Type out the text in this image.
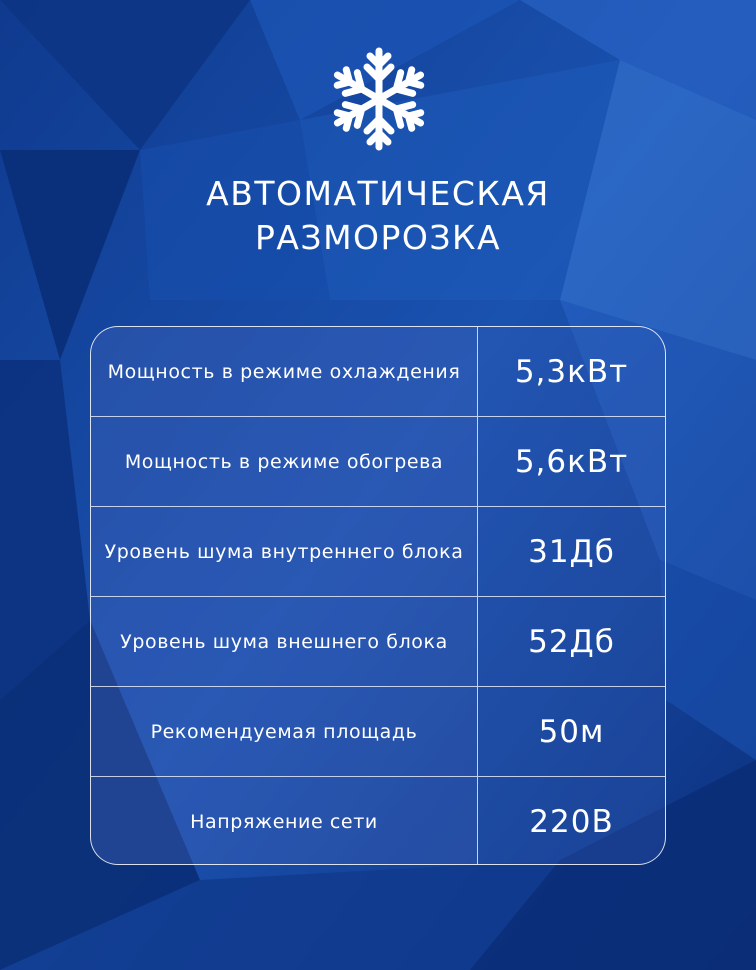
АВТОМАТИЧЕСКАЯ
РАЗМОРОЗКА
Мощность в режиме охлаждения	5,3кВт
Мощность в режиме обогрева	5,6кВт
Уровень шума внутреннего блока	31Дб
Уровень шума внешнего блока	52Дб
Рекомендуемая площадь	50м
Напряжение сети	220В
